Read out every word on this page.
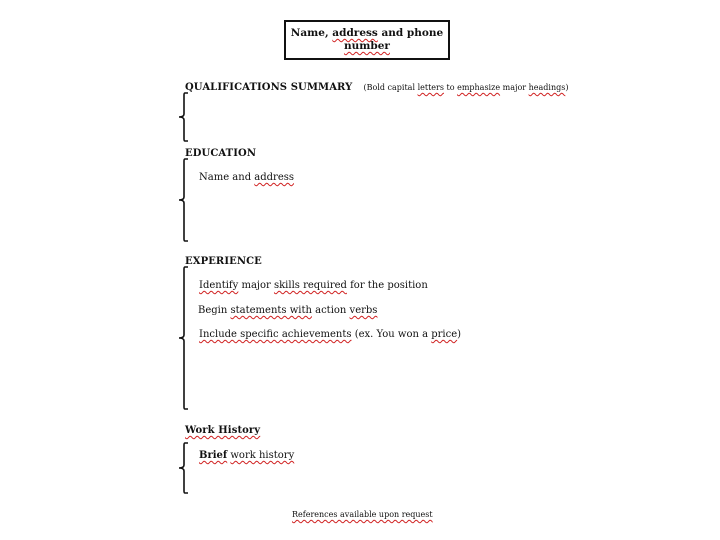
Name, address and phone
number
QUALIFICATIONS SUMMARY (Bold capital letters to emphasize major headings)
EDUCATION
Name and address
EXPERIENCE
Identify major skills required for the position
Begin statements with action verbs
Include specific achievements (ex. You won a price)
Work History
Brief work history
References available upon request
